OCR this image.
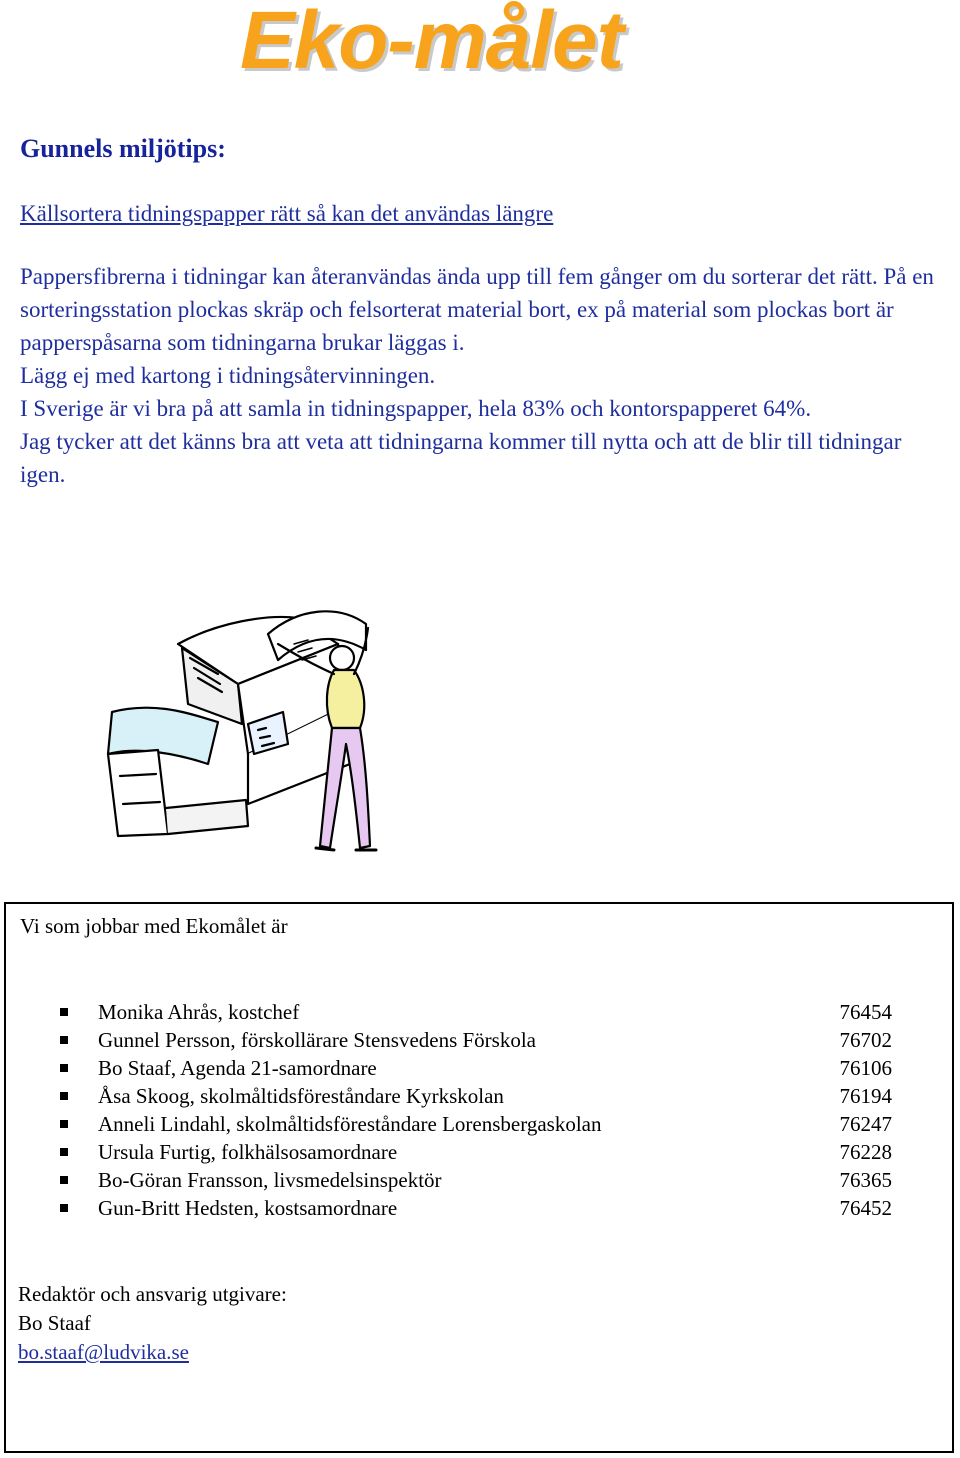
Eko-målet
Gunnels miljötips:

Källsortera tidningspapper rätt så kan det användas längre

Pappersfibrerna i tidningar kan återanvändas ända upp till fem gånger om du sorterar det rätt. På en sorteringsstation plockas skräp och felsorterat material bort, ex på material som plockas bort är papperspåsarna som tidningarna brukar läggas i.

Lägg ej med kartong i tidningsåtervinningen.

I Sverige är vi bra på att samla in tidningspapper, hela 83% och kontorspapperet 64%.

Jag tycker att det känns bra att veta att tidningarna kommer till nytta och att de blir till tidningar igen.

Vi som jobbar med Ekomålet är
Monika Ahrås, kostchef	76454
Gunnel Persson, förskollärare Stensvedens Förskola	76702
Bo Staaf, Agenda 21-samordnare	76106
Åsa Skoog, skolmåltidsföreståndare Kyrkskolan	76194
Anneli Lindahl, skolmåltidsföreståndare Lorensbergaskolan	76247
Ursula Furtig, folkhälsosamordnare	76228
Bo-Göran Fransson, livsmedelsinspektör	76365
Gun-Britt Hedsten, kostsamordnare	76452
Redaktör och ansvarig utgivare:
Bo Staaf
bo.staaf@ludvika.se
